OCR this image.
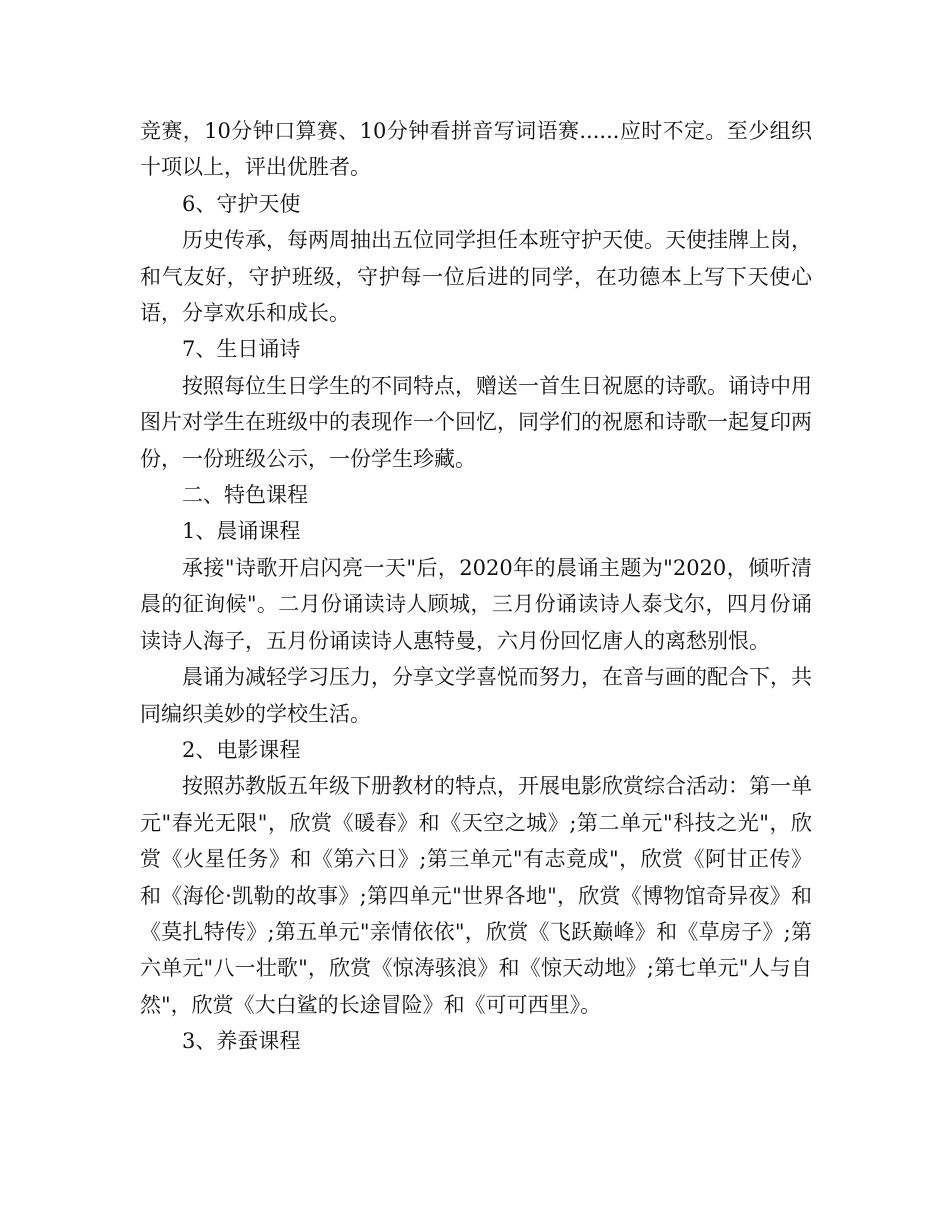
竞赛，10分钟口算赛、10分钟看拼音写词语赛......应时不定。至少组织十项以上，评出优胜者。

6、守护天使

历史传承，每两周抽出五位同学担任本班守护天使。天使挂牌上岗，和气友好，守护班级，守护每一位后进的同学，在功德本上写下天使心语，分享欢乐和成长。

7、生日诵诗

按照每位生日学生的不同特点，赠送一首生日祝愿的诗歌。诵诗中用图片对学生在班级中的表现作一个回忆，同学们的祝愿和诗歌一起复印两份，一份班级公示，一份学生珍藏。

二、特色课程

1、晨诵课程

承接"诗歌开启闪亮一天"后，2020年的晨诵主题为"2020，倾听清晨的征询候"。二月份诵读诗人顾城，三月份诵读诗人泰戈尔，四月份诵读诗人海子，五月份诵读诗人惠特曼，六月份回忆唐人的离愁别恨。

晨诵为减轻学习压力，分享文学喜悦而努力，在音与画的配合下，共同编织美妙的学校生活。

2、电影课程

按照苏教版五年级下册教材的特点，开展电影欣赏综合活动：第一单元"春光无限"，欣赏《暖春》和《天空之城》;第二单元"科技之光"，欣赏《火星任务》和《第六日》;第三单元"有志竟成"，欣赏《阿甘正传》和《海伦·凯勒的故事》;第四单元"世界各地"，欣赏《博物馆奇异夜》和《莫扎特传》;第五单元"亲情依依"，欣赏《飞跃巅峰》和《草房子》;第六单元"八一壮歌"，欣赏《惊涛骇浪》和《惊天动地》;第七单元"人与自然"，欣赏《大白鲨的长途冒险》和《可可西里》。

3、养蚕课程
